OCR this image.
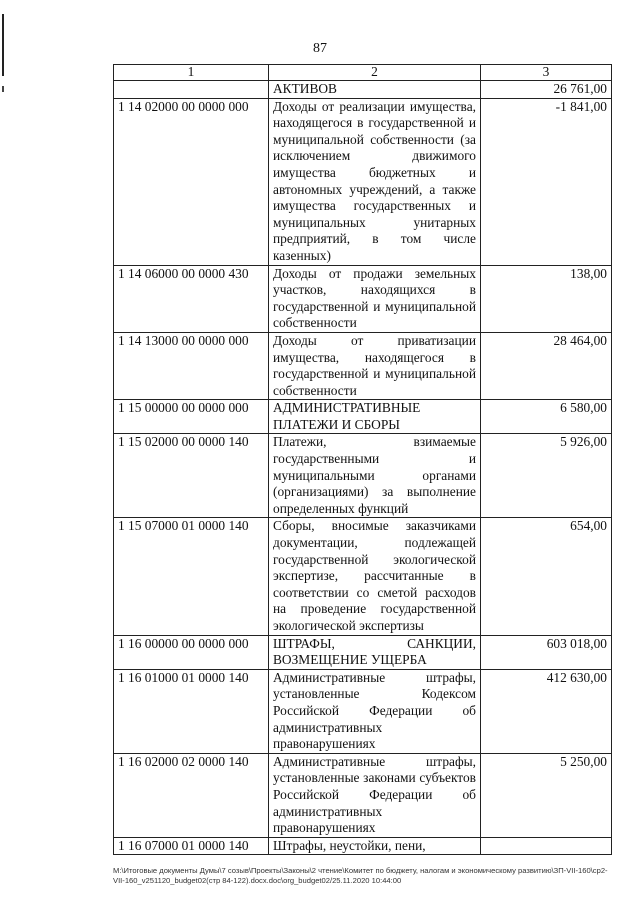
87
1	2	3
	АКТИВОВ	26 761,00
1 14 02000 00 0000 000	Доходы от реализации имущества, находящегося в государственной и муниципальной собственности (за исключением движимого имущества бюджетных и автономных учреждений, а также имущества государственных и муниципальных унитарных предприятий, в том числе казенных)	-1 841,00
1 14 06000 00 0000 430	Доходы от продажи земельных участков, находящихся в государственной и муниципальной собственности	138,00
1 14 13000 00 0000 000	Доходы от приватизации имущества, находящегося в государственной и муниципальной собственности	28 464,00
1 15 00000 00 0000 000	АДМИНИСТРАТИВНЫЕ ПЛАТЕЖИ И СБОРЫ	6 580,00
1 15 02000 00 0000 140	Платежи, взимаемые государственными и муниципальными органами (организациями) за выполнение определенных функций	5 926,00
1 15 07000 01 0000 140	Сборы, вносимые заказчиками документации, подлежащей государственной экологической экспертизе, рассчитанные в соответствии со сметой расходов на проведение государственной экологической экспертизы	654,00
1 16 00000 00 0000 000	ШТРАФЫ, САНКЦИИ, ВОЗМЕЩЕНИЕ УЩЕРБА	603 018,00
1 16 01000 01 0000 140	Административные штрафы, установленные Кодексом Российской Федерации об административных правонарушениях	412 630,00
1 16 02000 02 0000 140	Административные штрафы, установленные законами субъектов Российской Федерации об административных правонарушениях	5 250,00
1 16 07000 01 0000 140	Штрафы, неустойки, пени,	
M:\Итоговые документы Думы\7 созыв\Проекты\Законы\2 чтение\Комитет по бюджету, налогам и экономическому развитию\ЗП-VII-160\ср2-VII-160_v251120_budget02(стр 84-122).docx.doc\org_budget02/25.11.2020 10:44:00
